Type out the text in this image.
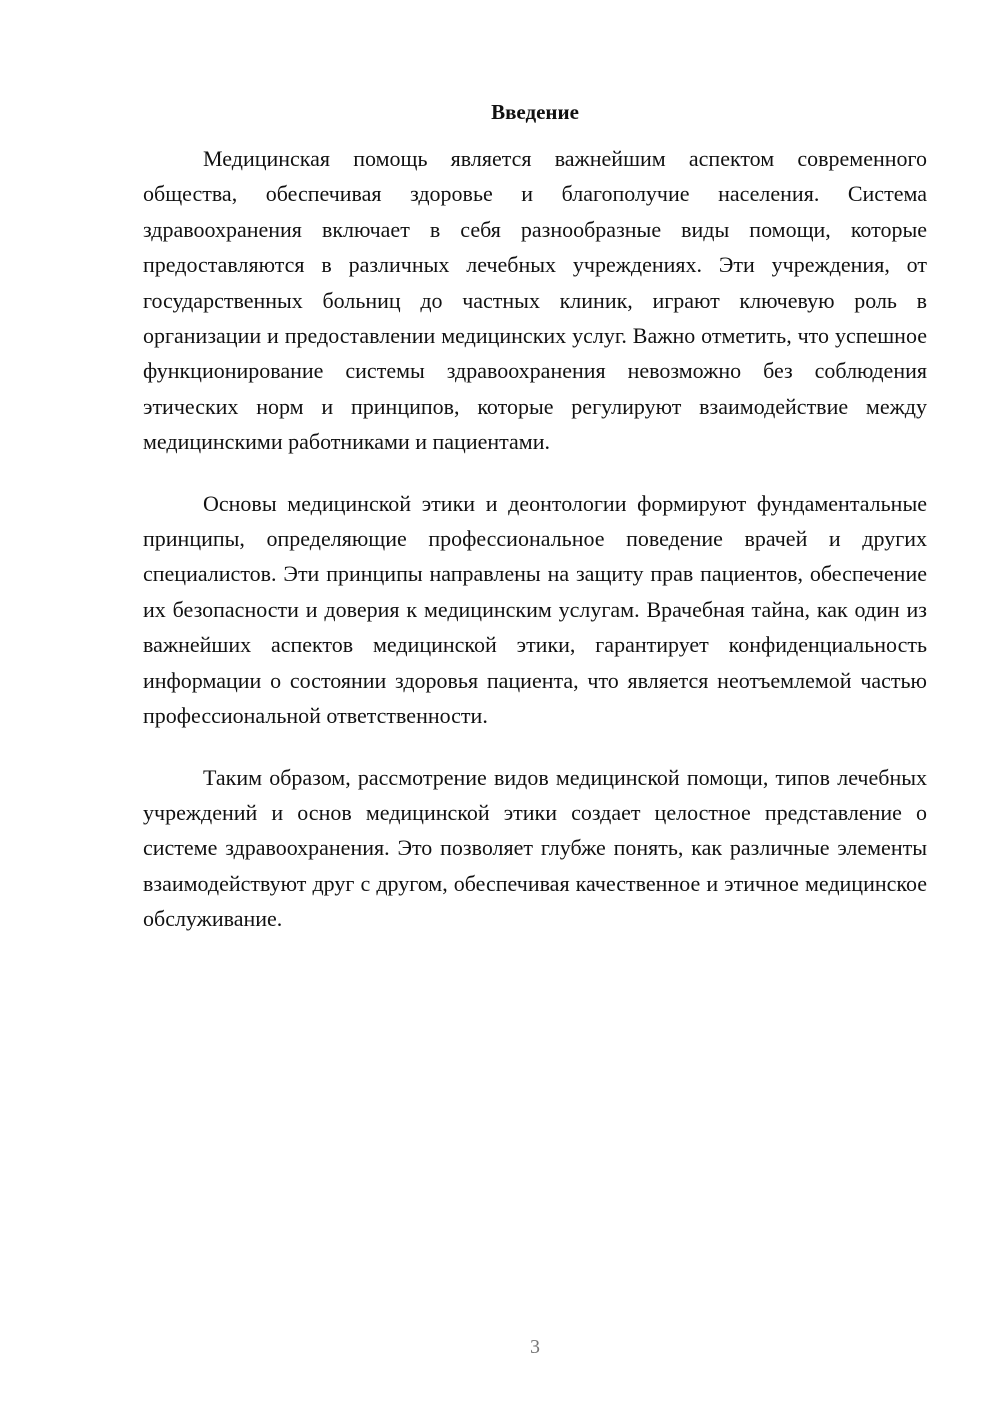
Введение

Медицинская помощь является важнейшим аспектом современного общества, обеспечивая здоровье и благополучие населения. Система здравоохранения включает в себя разнообразные виды помощи, которые предоставляются в различных лечебных учреждениях. Эти учреждения, от государственных больниц до частных клиник, играют ключевую роль в организации и предоставлении медицинских услуг. Важно отметить, что успешное функционирование системы здравоохранения невозможно без соблюдения этических норм и принципов, которые регулируют взаимодействие между медицинскими работниками и пациентами.

Основы медицинской этики и деонтологии формируют фундаментальные принципы, определяющие профессиональное поведение врачей и других специалистов. Эти принципы направлены на защиту прав пациентов, обеспечение их безопасности и доверия к медицинским услугам. Врачебная тайна, как один из важнейших аспектов медицинской этики, гарантирует конфиденциальность информации о состоянии здоровья пациента, что является неотъемлемой частью профессиональной ответственности.

Таким образом, рассмотрение видов медицинской помощи, типов лечебных учреждений и основ медицинской этики создает целостное представление о системе здравоохранения. Это позволяет глубже понять, как различные элементы взаимодействуют друг с другом, обеспечивая качественное и этичное медицинское обслуживание.

3
